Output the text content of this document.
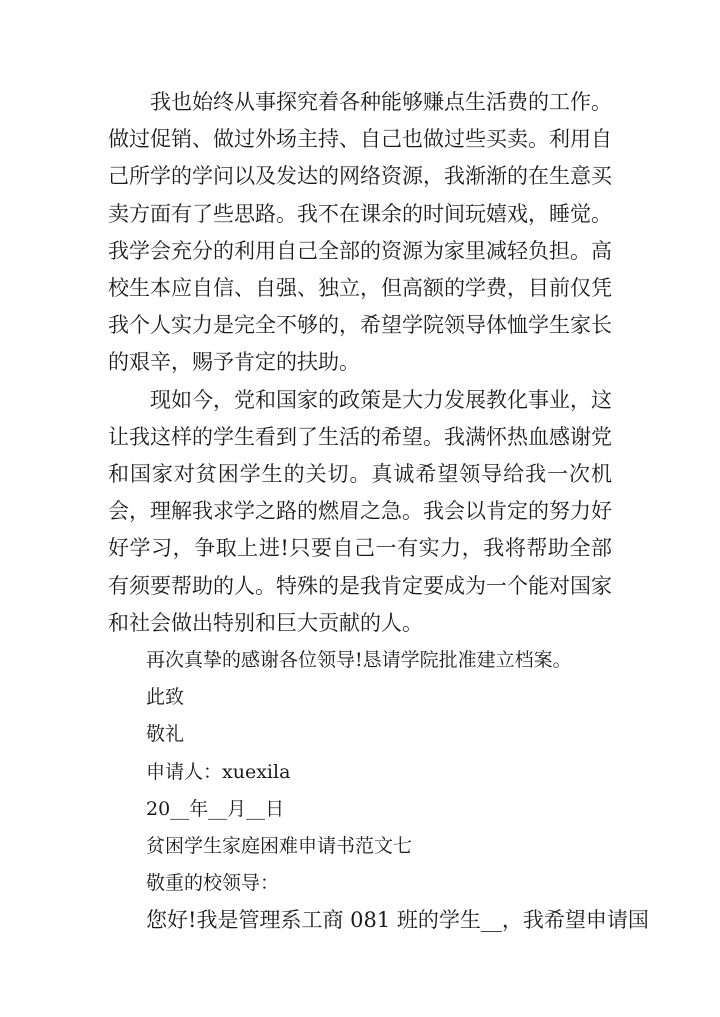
我也始终从事探究着各种能够赚点生活费的工作。做过促销、做过外场主持、自己也做过些买卖。利用自己所学的学问以及发达的网络资源，我渐渐的在生意买卖方面有了些思路。我不在课余的时间玩嬉戏，睡觉。我学会充分的利用自己全部的资源为家里减轻负担。高校生本应自信、自强、独立，但高额的学费，目前仅凭我个人实力是完全不够的，希望学院领导体恤学生家长的艰辛，赐予肯定的扶助。

现如今，党和国家的政策是大力发展教化事业，这让我这样的学生看到了生活的希望。我满怀热血感谢党和国家对贫困学生的关切。真诚希望领导给我一次机会，理解我求学之路的燃眉之急。我会以肯定的努力好好学习，争取上进!只要自己一有实力，我将帮助全部有须要帮助的人。特殊的是我肯定要成为一个能对国家和社会做出特别和巨大贡献的人。

再次真挚的感谢各位领导!恳请学院批准建立档案。

此致

敬礼

申请人：xuexila

20__年__月__日

贫困学生家庭困难申请书范文七

敬重的校领导：

您好!我是管理系工商 081 班的学生__，我希望申请国
